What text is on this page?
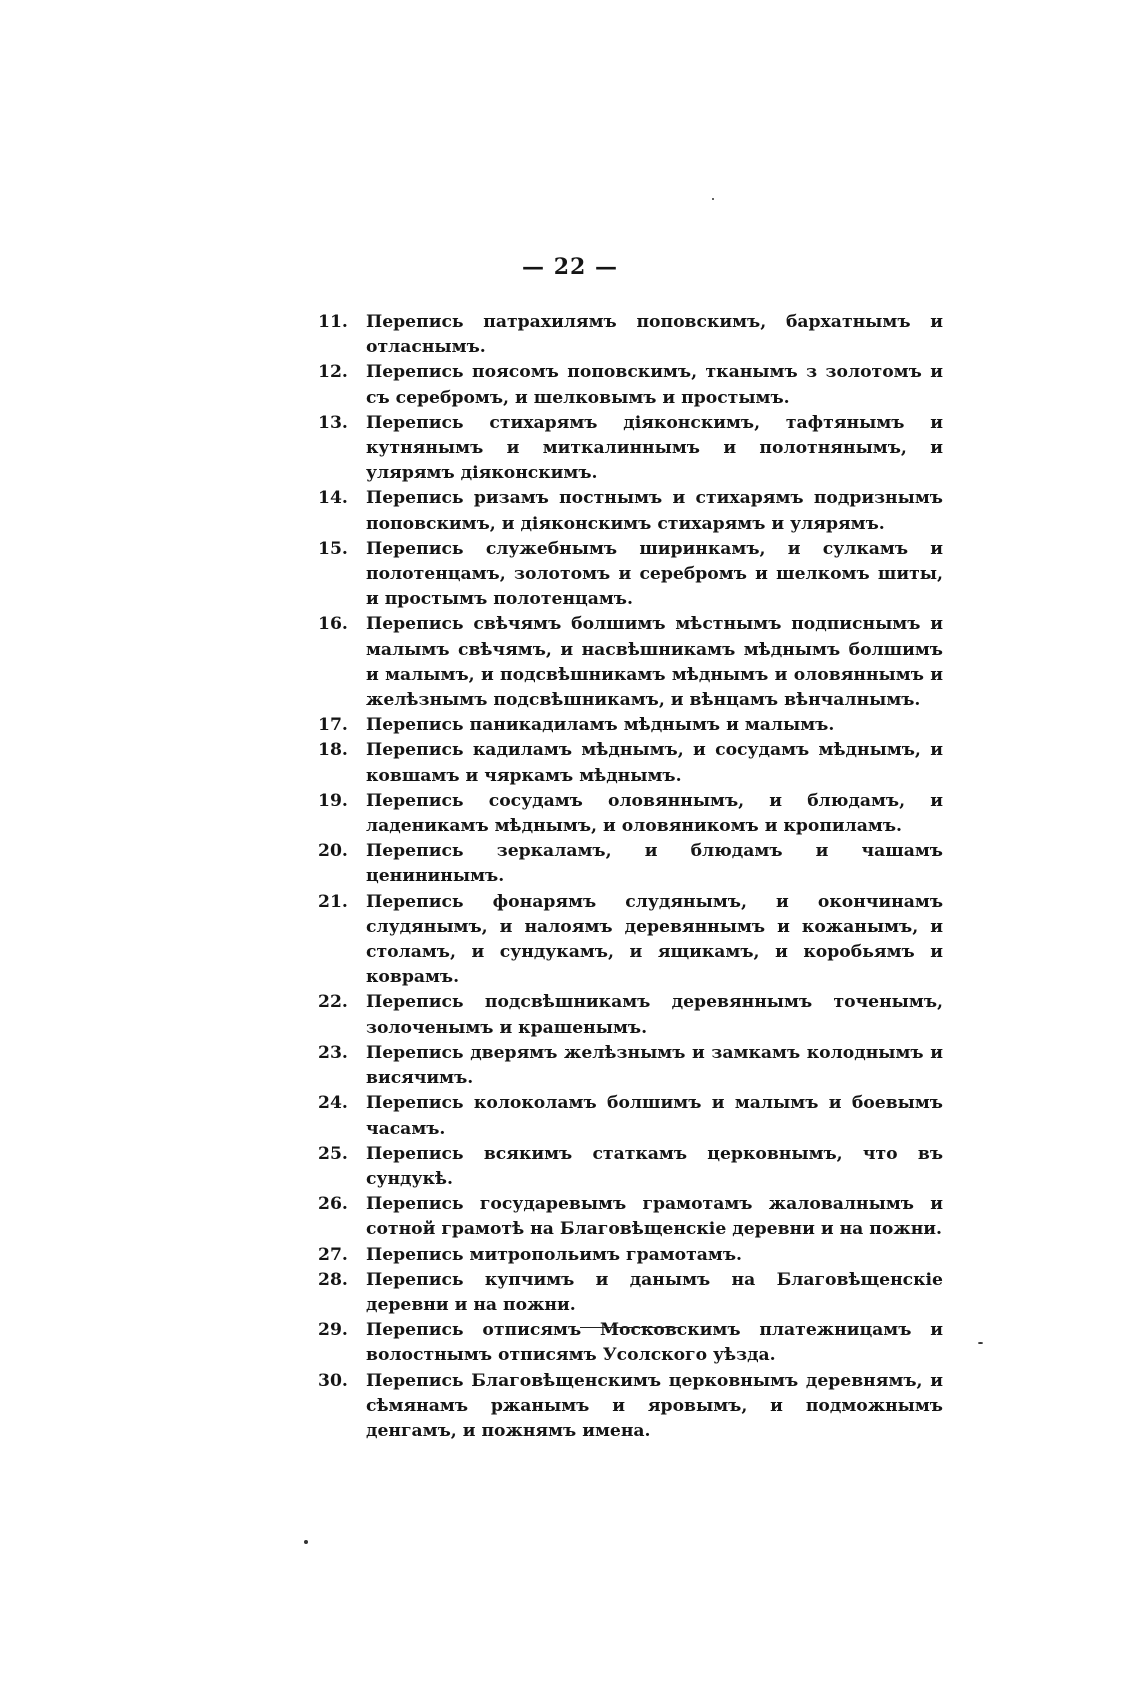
— 22 —
11.	Перепись патрахилямъ поповскимъ, бархатнымъ и отласнымъ.
12.	Перепись поясомъ поповскимъ, тканымъ з золотомъ и съ серебромъ, и шелковымъ и простымъ.
13.	Перепись стихарямъ діяконскимъ, тафтянымъ и кутнянымъ и миткалиннымъ и полотнянымъ, и улярямъ діяконскимъ.
14.	Перепись ризамъ постнымъ и стихарямъ подризнымъ поповскимъ, и діяконскимъ стихарямъ и улярямъ.
15.	Перепись служебнымъ ширинкамъ, и сулкамъ и полотенцамъ, золотомъ и серебромъ и шелкомъ шиты, и простымъ полотенцамъ.
16.	Перепись свѣчямъ болшимъ мѣстнымъ подписнымъ и малымъ свѣчямъ, и насвѣшникамъ мѣднымъ болшимъ и малымъ, и подсвѣшникамъ мѣднымъ и оловяннымъ и желѣзнымъ подсвѣшникамъ, и вѣнцамъ вѣнчалнымъ.
17.	Перепись паникадиламъ мѣднымъ и малымъ.
18.	Перепись кадиламъ мѣднымъ, и сосудамъ мѣднымъ, и ковшамъ и чяркамъ мѣднымъ.
19.	Перепись сосудамъ оловяннымъ, и блюдамъ, и ладеникамъ мѣднымъ, и оловяникомъ и кропиламъ.
20.	Перепись зеркаламъ, и блюдамъ и чашамъ ценининымъ.
21.	Перепись фонарямъ слудянымъ, и окончинамъ слудянымъ, и налоямъ деревяннымъ и кожанымъ, и столамъ, и сундукамъ, и ящикамъ, и коробьямъ и коврамъ.
22.	Перепись подсвѣшникамъ деревяннымъ точенымъ, золоченымъ и крашенымъ.
23.	Перепись дверямъ желѣзнымъ и замкамъ колоднымъ и висячимъ.
24.	Перепись колоколамъ болшимъ и малымъ и боевымъ часамъ.
25.	Перепись всякимъ статкамъ церковнымъ, что въ сундукѣ.
26.	Перепись государевымъ грамотамъ жаловалнымъ и сотной грамотѣ на Благовѣщенскіе деревни и на пожни.
27.	Перепись митропольимъ грамотамъ.
28.	Перепись купчимъ и данымъ на Благовѣщенскіе деревни и на пожни.
29.	Перепись отписямъ Московскимъ платежницамъ и волостнымъ отписямъ Усолского уѣзда.
30.	Перепись Благовѣщенскимъ церковнымъ деревнямъ, и сѣмянамъ ржанымъ и яровымъ, и подможнымъ денгамъ, и пожнямъ имена.
